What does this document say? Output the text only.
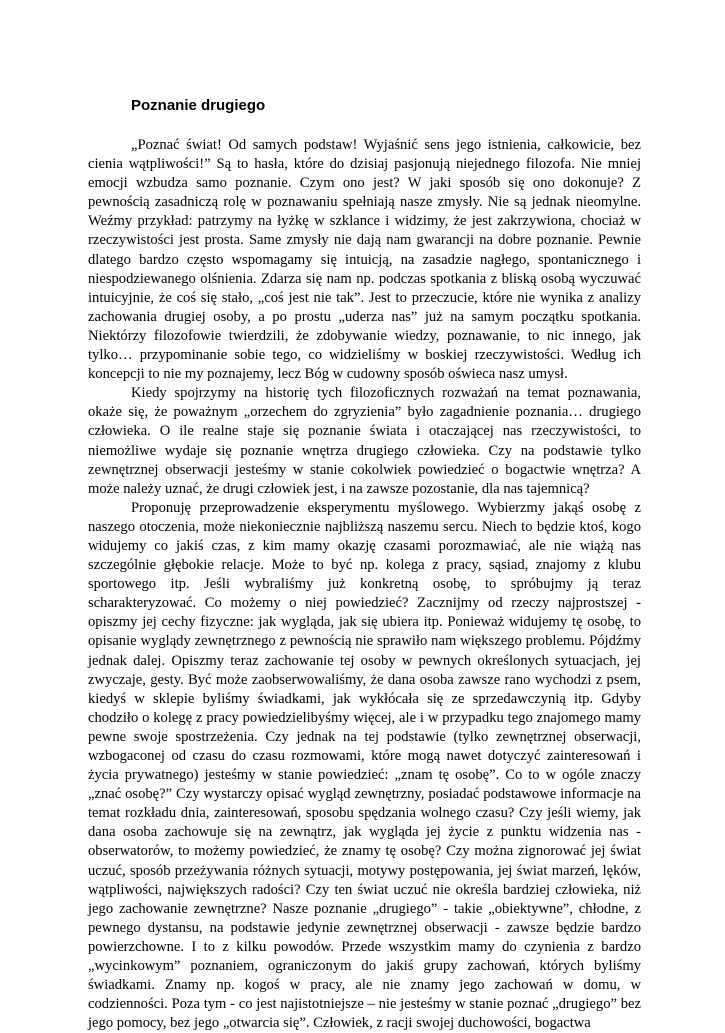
Poznanie drugiego

„Poznać świat! Od samych podstaw! Wyjaśnić sens jego istnienia, całkowicie, bez cienia wątpliwości!” Są to hasła, które do dzisiaj pasjonują niejednego filozofa. Nie mniej emocji wzbudza samo poznanie. Czym ono jest? W jaki sposób się ono dokonuje? Z pewnością zasadniczą rolę w poznawaniu spełniają nasze zmysły. Nie są jednak nieomylne. Weźmy przykład: patrzymy na łyżkę w szklance i widzimy, że jest zakrzywiona, chociaż w rzeczywistości jest prosta. Same zmysły nie dają nam gwarancji na dobre poznanie. Pewnie dlatego bardzo często wspomagamy się intuicją, na zasadzie nagłego, spontanicznego i niespodziewanego olśnienia. Zdarza się nam np. podczas spotkania z bliską osobą wyczuwać intuicyjnie, że coś się stało, „coś jest nie tak”. Jest to przeczucie, które nie wynika z analizy zachowania drugiej osoby, a po prostu „uderza nas” już na samym początku spotkania. Niektórzy filozofowie twierdzili, że zdobywanie wiedzy, poznawanie, to nic innego, jak tylko… przypominanie sobie tego, co widzieliśmy w boskiej rzeczywistości. Według ich koncepcji to nie my poznajemy, lecz Bóg w cudowny sposób oświeca nasz umysł.

Kiedy spojrzymy na historię tych filozoficznych rozważań na temat poznawania, okaże się, że poważnym „orzechem do zgryzienia” było zagadnienie poznania… drugiego człowieka. O ile realne staje się poznanie świata i otaczającej nas rzeczywistości, to niemożliwe wydaje się poznanie wnętrza drugiego człowieka. Czy na podstawie tylko zewnętrznej obserwacji jesteśmy w stanie cokolwiek powiedzieć o bogactwie wnętrza? A może należy uznać, że drugi człowiek jest, i na zawsze pozostanie, dla nas tajemnicą?

Proponuję przeprowadzenie eksperymentu myślowego. Wybierzmy jakąś osobę z naszego otoczenia, może niekoniecznie najbliższą naszemu sercu. Niech to będzie ktoś, kogo widujemy co jakiś czas, z kim mamy okazję czasami porozmawiać, ale nie wiążą nas szczególnie głębokie relacje. Może to być np. kolega z pracy, sąsiad, znajomy z klubu sportowego itp. Jeśli wybraliśmy już konkretną osobę, to spróbujmy ją teraz scharakteryzować. Co możemy o niej powiedzieć? Zacznijmy od rzeczy najprostszej - opiszmy jej cechy fizyczne: jak wygląda, jak się ubiera itp. Ponieważ widujemy tę osobę, to opisanie wyglądy zewnętrznego z pewnością nie sprawiło nam większego problemu. Pójdźmy jednak dalej. Opiszmy teraz zachowanie tej osoby w pewnych określonych sytuacjach, jej zwyczaje, gesty. Być może zaobserwowaliśmy, że dana osoba zawsze rano wychodzi z psem, kiedyś w sklepie byliśmy świadkami, jak wykłócała się ze sprzedawczynią itp. Gdyby chodziło o kolegę z pracy powiedzielibyśmy więcej, ale i w przypadku tego znajomego mamy pewne swoje spostrzeżenia. Czy jednak na tej podstawie (tylko zewnętrznej obserwacji, wzbogaconej od czasu do czasu rozmowami, które mogą nawet dotyczyć zainteresowań i życia prywatnego) jesteśmy w stanie powiedzieć: „znam tę osobę”. Co to w ogóle znaczy „znać osobę?” Czy wystarczy opisać wygląd zewnętrzny, posiadać podstawowe informacje na temat rozkładu dnia, zainteresowań, sposobu spędzania wolnego czasu? Czy jeśli wiemy, jak dana osoba zachowuje się na zewnątrz, jak wygląda jej życie z punktu widzenia nas - obserwatorów, to możemy powiedzieć, że znamy tę osobę? Czy można zignorować jej świat uczuć, sposób przeżywania różnych sytuacji, motywy postępowania, jej świat marzeń, lęków, wątpliwości, największych radości? Czy ten świat uczuć nie określa bardziej człowieka, niż jego zachowanie zewnętrzne? Nasze poznanie „drugiego” - takie „obiektywne”, chłodne, z pewnego dystansu, na podstawie jedynie zewnętrznej obserwacji - zawsze będzie bardzo powierzchowne. I to z kilku powodów. Przede wszystkim mamy do czynienia z bardzo „wycinkowym” poznaniem, ograniczonym do jakiś grupy zachowań, których byliśmy świadkami. Znamy np. kogoś w pracy, ale nie znamy jego zachowań w domu, w codzienności. Poza tym - co jest najistotniejsze – nie jesteśmy w stanie poznać „drugiego” bez jego pomocy, bez jego „otwarcia się”. Człowiek, z racji swojej duchowości, bogactwa
